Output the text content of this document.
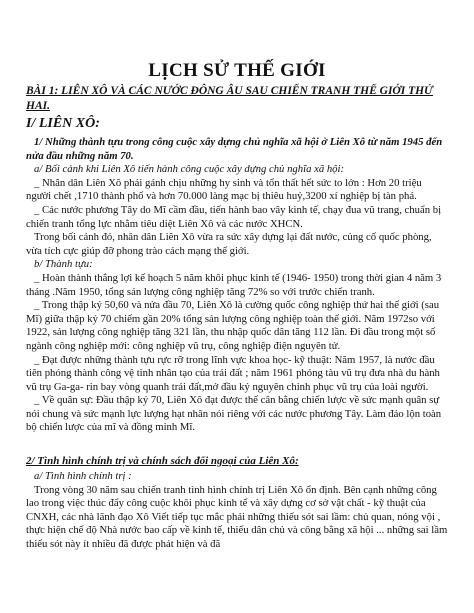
LỊCH SỬ THẾ GIỚI

BÀI 1: LIÊN XÔ VÀ CÁC NƯỚC ĐÔNG ÂU SAU CHIẾN TRANH THẾ GIỚI THỨ HAI.

I/ LIÊN XÔ:

1/ Những thành tựu trong công cuộc xây dựng chủ nghĩa xã hội ở Liên Xô từ năm 1945 đến nửa đầu những năm 70.

a/ Bối cảnh khi Liên Xô tiến hành công cuộc xây dựng chủ nghĩa xã hội:

_ Nhân dân Liên Xô phải gánh chịu những hy sinh và tổn thất hết sức to lớn : Hơn 20 triệu người chết ,1710 thành phố và hơn 70.000 làng mạc bị thiêu huỷ,3200 xí nghiệp bị tàn phá.

_ Các nước phương Tây do Mĩ cầm đầu, tiến hành bao vây kinh tế, chạy đua vũ trang, chuẩn bị chiến tranh tổng lực nhằm tiêu diệt Liên Xô và các nước XHCN.

Trong bối cảnh đó, nhân dân Liên Xô vừa ra sức xây dựng lại đất nước, củng cố quốc phòng, vừa tích cực giúp đỡ phong trào cách mạng thế giới.

b/ Thành tựu:

_ Hoàn thành thắng lợi kế hoạch 5 năm khôi phục kinh tế (1946- 1950) trong thời gian 4 năm 3 tháng .Năm 1950, tổng sản lượng công nghiệp tăng 72% so với trước chiến tranh.

_ Trong thập kỷ 50,60 và nửa đầu 70, Liên Xô là cường quốc công nghiệp thứ hai thế giới (sau Mĩ) giữa thập kỷ 70 chiếm gần 20% tổng sản lượng công nghiệp toàn thế giới. Năm 1972so với 1922, sản lượng công nghiệp tăng 321 lần, thu nhập quốc dân tăng 112 lần. Đi đầu trong một số ngành công nghiệp mới: công nghiệp vũ trụ, công nghiệp điện nguyên tử.

_ Đạt được những thành tựu rực rỡ trong lĩnh vực khoa học- kỹ thuật: Năm 1957, là nước đầu tiên phóng thành công vệ tinh nhân tạo của trái đất ; năm 1961 phóng tàu vũ trụ đưa nhà du hành vũ trụ Ga-ga- rin bay vòng quanh trái đất,mở đầu kỷ nguyên chinh phục vũ trụ của loài người.

_ Về quân sự: Đầu thập kỷ 70, Liên Xô đạt được thế cân bằng chiến lược về sức mạnh quân sự nói chung và sức mạnh lực lượng hạt nhân nói riêng với các nước phương Tây. Làm đảo lộn toàn bộ chiến lược của mĩ và đồng minh Mĩ.

2/ Tình hình chính trị và chính sách đối ngoại của Liên Xô:

a/ Tình hình chính trị :

Trong vòng 30 năm sau chiến tranh tình hình chính trị Liên Xô ổn định. Bên cạnh những công lao trong việc thúc đẩy công cuộc khôi phục kinh tế và xây dựng cơ sở vật chất - kỹ thuật của CNXH, các nhà lãnh đạo Xô Viết tiếp tục mắc phải những thiếu sót sai lầm: chủ quan, nóng vội , thực hiện chế độ Nhà nước bao cấp về kinh tế, thiếu dân chủ và công bằng xã hội ... những sai lầm thiếu sót này ít nhiều đã được phát hiện và đã
